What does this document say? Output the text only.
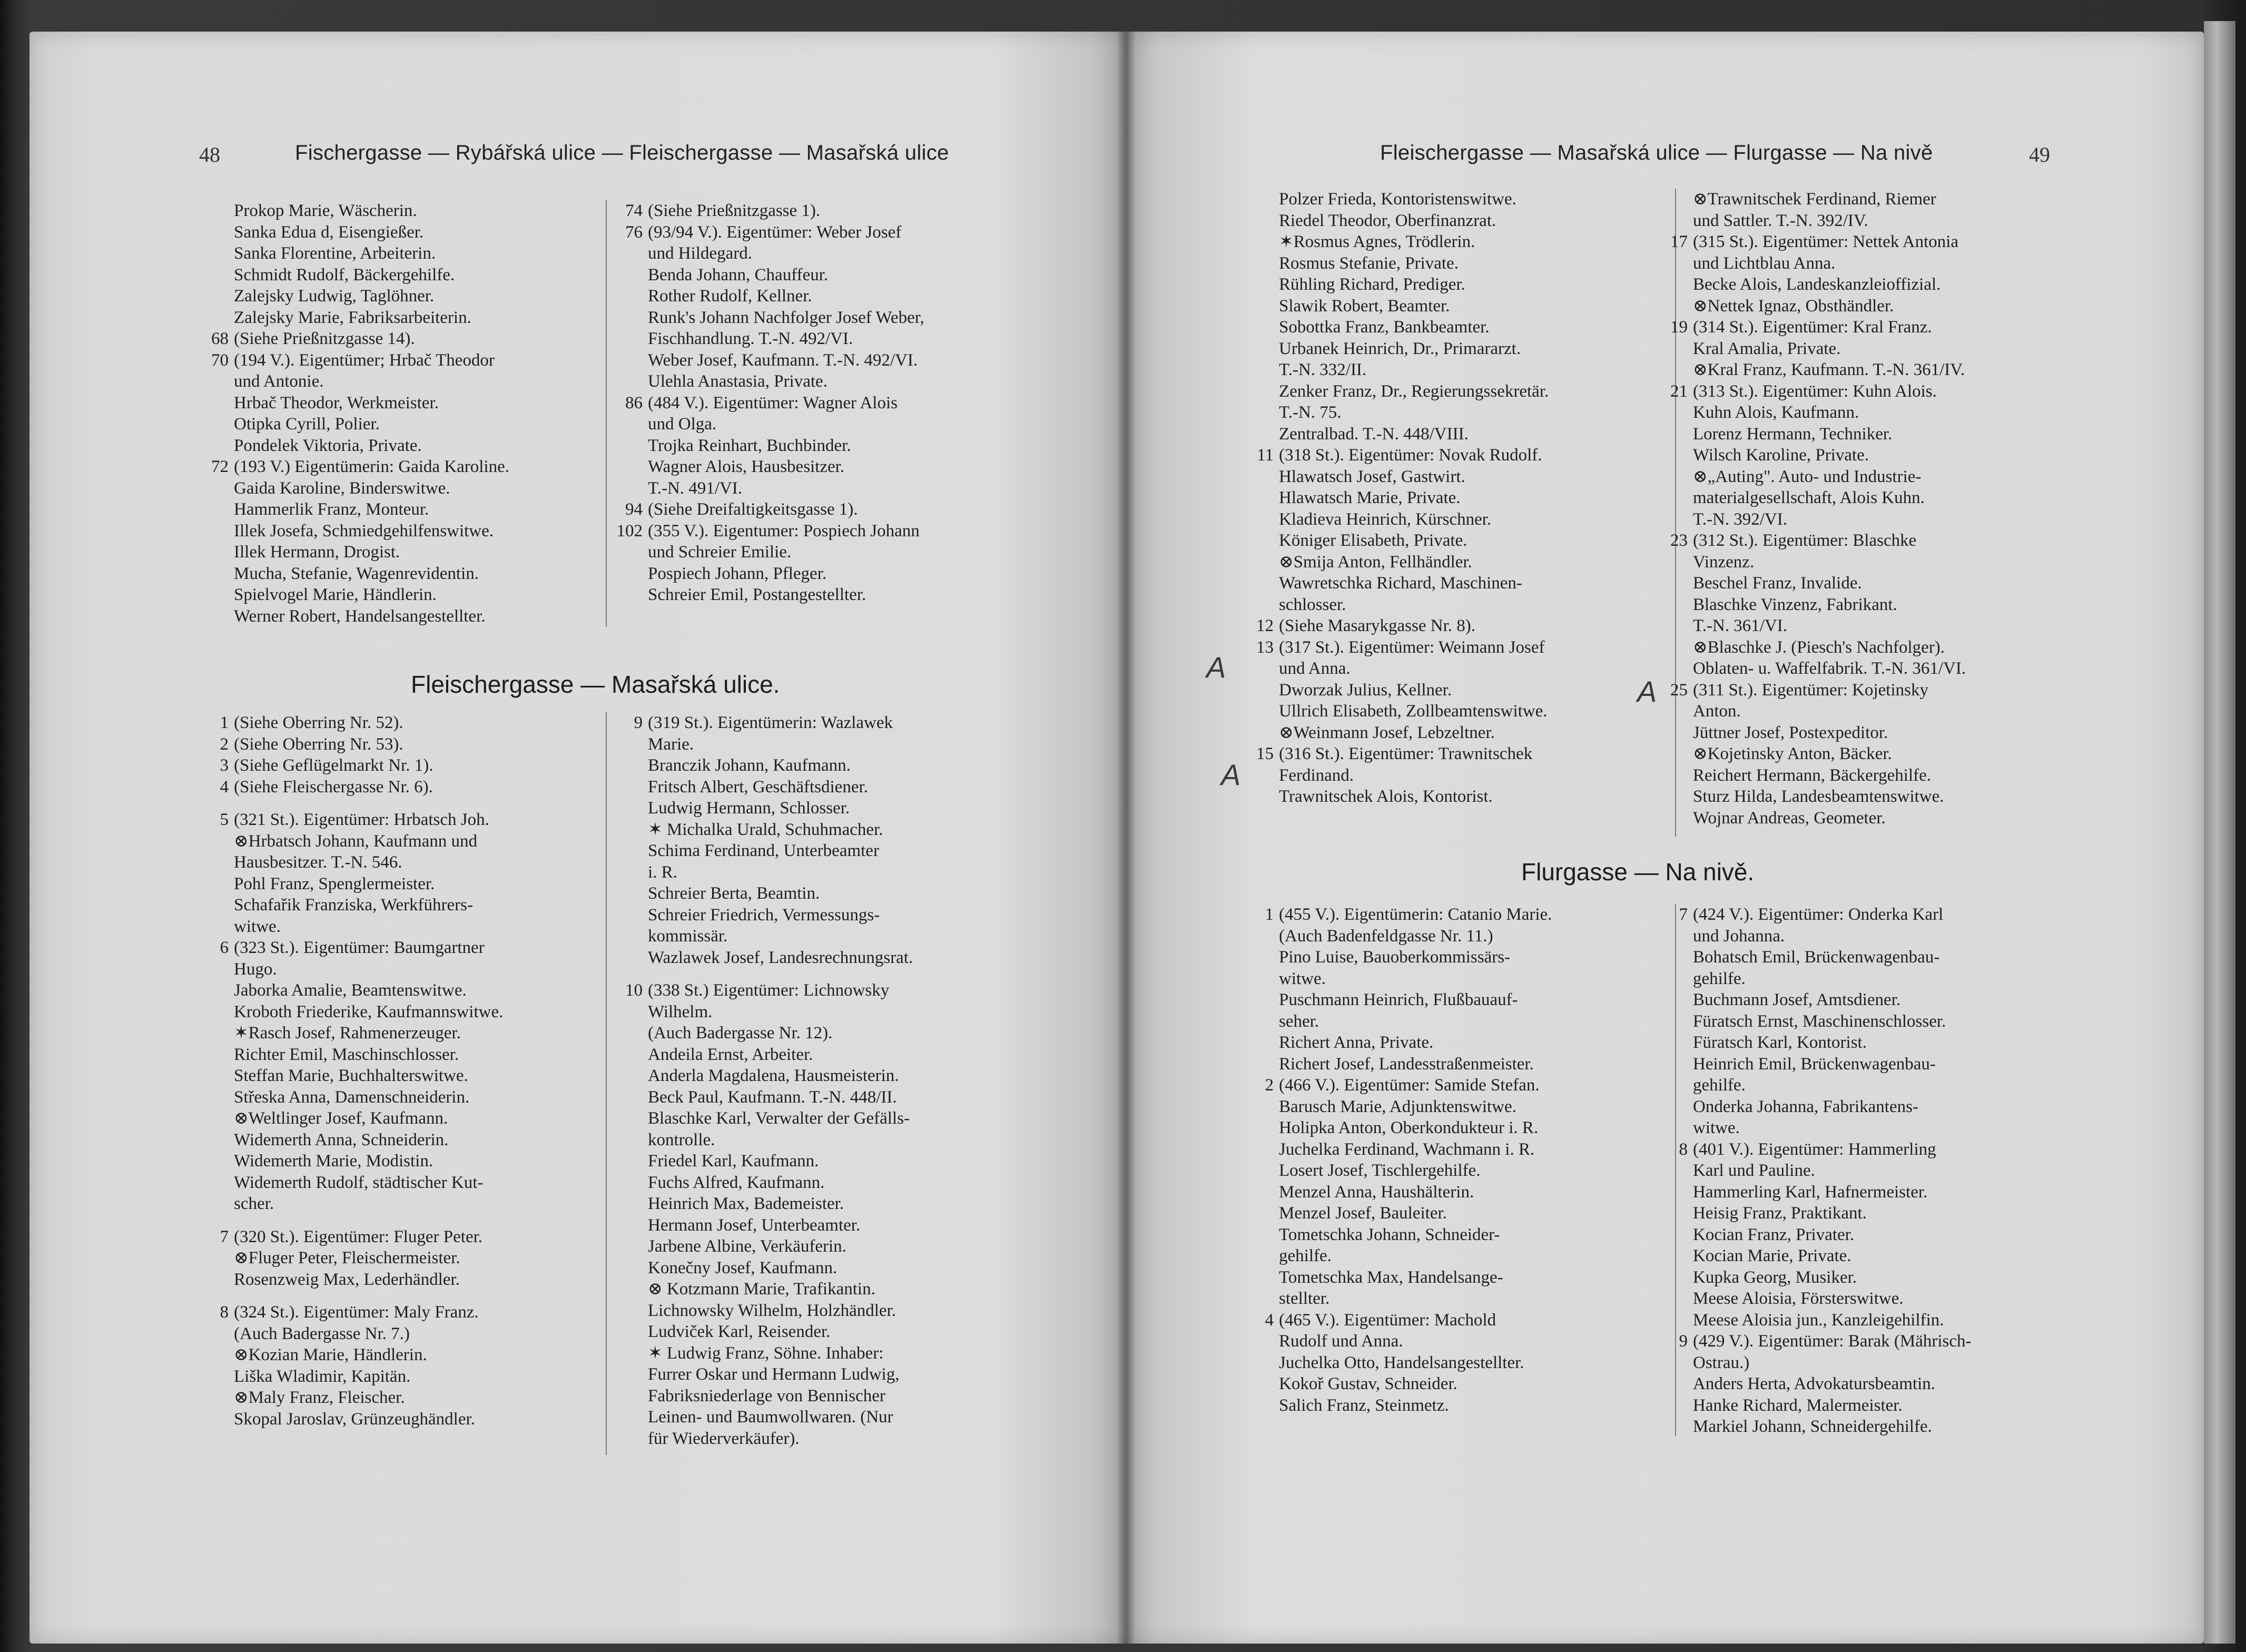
48	Fischergasse — Rybářská ulice — Fleischergasse — Masařská ulice
Prokop Marie, Wäscherin.
Sanka Edua d, Eisengießer.
Sanka Florentine, Arbeiterin.
Schmidt Rudolf, Bäckergehilfe.
Zalejsky Ludwig, Taglöhner.
Zalejsky Marie, Fabriksarbeiterin.
68 (Siehe Prießnitzgasse 14).
70 (194 V.). Eigentümer; Hrbač Theodor
und Antonie.
Hrbač Theodor, Werkmeister.
Otipka Cyrill, Polier.
Pondelek Viktoria, Private.
72 (193 V.) Eigentümerin: Gaida Karoline.
Gaida Karoline, Binderswitwe.
Hammerlik Franz, Monteur.
Illek Josefa, Schmiedgehilfenswitwe.
Illek Hermann, Drogist.
Mucha, Stefanie, Wagenrevidentin.
Spielvogel Marie, Händlerin.
Werner Robert, Handelsangestellter.
74 (Siehe Prießnitzgasse 1).
76 (93/94 V.). Eigentümer: Weber Josef
und Hildegard.
Benda Johann, Chauffeur.
Rother Rudolf, Kellner.
Runk's Johann Nachfolger Josef Weber,
Fischhandlung. T.-N. 492/VI.
Weber Josef, Kaufmann. T.-N. 492/VI.
Ulehla Anastasia, Private.
86 (484 V.). Eigentümer: Wagner Alois
und Olga.
Trojka Reinhart, Buchbinder.
Wagner Alois, Hausbesitzer.
T.-N. 491/VI.
94 (Siehe Dreifaltigkeitsgasse 1).
102 (355 V.). Eigentumer: Pospiech Johann
und Schreier Emilie.
Pospiech Johann, Pfleger.
Schreier Emil, Postangestellter.
Fleischergasse — Masařská ulice.
1 (Siehe Oberring Nr. 52).
2 (Siehe Oberring Nr. 53).
3 (Siehe Geflügelmarkt Nr. 1).
4 (Siehe Fleischergasse Nr. 6).
5 (321 St.). Eigentümer: Hrbatsch Joh.
⊗Hrbatsch Johann, Kaufmann und
Hausbesitzer. T.-N. 546.
Pohl Franz, Spenglermeister.
Schafařik Franziska, Werkführers-
witwe.
6 (323 St.). Eigentümer: Baumgartner
Hugo.
Jaborka Amalie, Beamtenswitwe.
Kroboth Friederike, Kaufmannswitwe.
✶Rasch Josef, Rahmenerzeuger.
Richter Emil, Maschinschlosser.
Steffan Marie, Buchhalterswitwe.
Střeska Anna, Damenschneiderin.
⊗Weltlinger Josef, Kaufmann.
Widemerth Anna, Schneiderin.
Widemerth Marie, Modistin.
Widemerth Rudolf, städtischer Kut-
scher.
7 (320 St.). Eigentümer: Fluger Peter.
⊗Fluger Peter, Fleischermeister.
Rosenzweig Max, Lederhändler.
8 (324 St.). Eigentümer: Maly Franz.
(Auch Badergasse Nr. 7.)
⊗Kozian Marie, Händlerin.
Liška Wladimir, Kapitän.
⊗Maly Franz, Fleischer.
Skopal Jaroslav, Grünzeughändler.
9 (319 St.). Eigentümerin: Wazlawek
Marie.
Branczik Johann, Kaufmann.
Fritsch Albert, Geschäftsdiener.
Ludwig Hermann, Schlosser.
✶ Michalka Urald, Schuhmacher.
Schima Ferdinand, Unterbeamter
i. R.
Schreier Berta, Beamtin.
Schreier Friedrich, Vermessungs-
kommissär.
Wazlawek Josef, Landesrechnungsrat.
10 (338 St.) Eigentümer: Lichnowsky
Wilhelm.
(Auch Badergasse Nr. 12).
Andeila Ernst, Arbeiter.
Anderla Magdalena, Hausmeisterin.
Beck Paul, Kaufmann. T.-N. 448/II.
Blaschke Karl, Verwalter der Gefälls-
kontrolle.
Friedel Karl, Kaufmann.
Fuchs Alfred, Kaufmann.
Heinrich Max, Bademeister.
Hermann Josef, Unterbeamter.
Jarbene Albine, Verkäuferin.
Konečny Josef, Kaufmann.
⊗ Kotzmann Marie, Trafikantin.
Lichnowsky Wilhelm, Holzhändler.
Ludviček Karl, Reisender.
✶ Ludwig Franz, Söhne. Inhaber:
Furrer Oskar und Hermann Ludwig,
Fabriksniederlage von Bennischer
Leinen- und Baumwollwaren. (Nur
für Wiederverkäufer).
Fleischergasse — Masařská ulice — Flurgasse — Na nivě	49
Polzer Frieda, Kontoristenswitwe.
Riedel Theodor, Oberfinanzrat.
✶Rosmus Agnes, Trödlerin.
Rosmus Stefanie, Private.
Rühling Richard, Prediger.
Slawik Robert, Beamter.
Sobottka Franz, Bankbeamter.
Urbanek Heinrich, Dr., Primararzt.
T.-N. 332/II.
Zenker Franz, Dr., Regierungssekretär.
T.-N. 75.
Zentralbad. T.-N. 448/VIII.
11 (318 St.). Eigentümer: Novak Rudolf.
Hlawatsch Josef, Gastwirt.
Hlawatsch Marie, Private.
Kladieva Heinrich, Kürschner.
Königer Elisabeth, Private.
⊗Smija Anton, Fellhändler.
Wawretschka Richard, Maschinen-
schlosser.
12 (Siehe Masarykgasse Nr. 8).
13 (317 St.). Eigentümer: Weimann Josef
und Anna.
Dworzak Julius, Kellner.
Ullrich Elisabeth, Zollbeamtenswitwe.
⊗Weinmann Josef, Lebzeltner.
15 (316 St.). Eigentümer: Trawnitschek
Ferdinand.
Trawnitschek Alois, Kontorist.
⊗Trawnitschek Ferdinand, Riemer
und Sattler. T.-N. 392/IV.
17 (315 St.). Eigentümer: Nettek Antonia
und Lichtblau Anna.
Becke Alois, Landeskanzleioffizial.
⊗Nettek Ignaz, Obsthändler.
19 (314 St.). Eigentümer: Kral Franz.
Kral Amalia, Private.
⊗Kral Franz, Kaufmann. T.-N. 361/IV.
21 (313 St.). Eigentümer: Kuhn Alois.
Kuhn Alois, Kaufmann.
Lorenz Hermann, Techniker.
Wilsch Karoline, Private.
⊗„Auting". Auto- und Industrie-
materialgesellschaft, Alois Kuhn.
T.-N. 392/VI.
23 (312 St.). Eigentümer: Blaschke
Vinzenz.
Beschel Franz, Invalide.
Blaschke Vinzenz, Fabrikant.
T.-N. 361/VI.
⊗Blaschke J. (Piesch's Nachfolger).
Oblaten- u. Waffelfabrik. T.-N. 361/VI.
25 (311 St.). Eigentümer: Kojetinsky
Anton.
Jüttner Josef, Postexpeditor.
⊗Kojetinsky Anton, Bäcker.
Reichert Hermann, Bäckergehilfe.
Sturz Hilda, Landesbeamtenswitwe.
Wojnar Andreas, Geometer.
Flurgasse — Na nivě.
1 (455 V.). Eigentümerin: Catanio Marie.
(Auch Badenfeldgasse Nr. 11.)
Pino Luise, Bauoberkommissärs-
witwe.
Puschmann Heinrich, Flußbauauf-
seher.
Richert Anna, Private.
Richert Josef, Landesstraßenmeister.
2 (466 V.). Eigentümer: Samide Stefan.
Barusch Marie, Adjunktenswitwe.
Holipka Anton, Oberkondukteur i. R.
Juchelka Ferdinand, Wachmann i. R.
Losert Josef, Tischlergehilfe.
Menzel Anna, Haushälterin.
Menzel Josef, Bauleiter.
Tometschka Johann, Schneider-
gehilfe.
Tometschka Max, Handelsange-
stellter.
4 (465 V.). Eigentümer: Machold
Rudolf und Anna.
Juchelka Otto, Handelsangestellter.
Kokoř Gustav, Schneider.
Salich Franz, Steinmetz.
7 (424 V.). Eigentümer: Onderka Karl
und Johanna.
Bohatsch Emil, Brückenwagenbau-
gehilfe.
Buchmann Josef, Amtsdiener.
Füratsch Ernst, Maschinenschlosser.
Füratsch Karl, Kontorist.
Heinrich Emil, Brückenwagenbau-
gehilfe.
Onderka Johanna, Fabrikantens-
witwe.
8 (401 V.). Eigentümer: Hammerling
Karl und Pauline.
Hammerling Karl, Hafnermeister.
Heisig Franz, Praktikant.
Kocian Franz, Privater.
Kocian Marie, Private.
Kupka Georg, Musiker.
Meese Aloisia, Försterswitwe.
Meese Aloisia jun., Kanzleigehilfin.
9 (429 V.). Eigentümer: Barak (Mährisch-
Ostrau.)
Anders Herta, Advokatursbeamtin.
Hanke Richard, Malermeister.
Markiel Johann, Schneidergehilfe.
A
A
A
